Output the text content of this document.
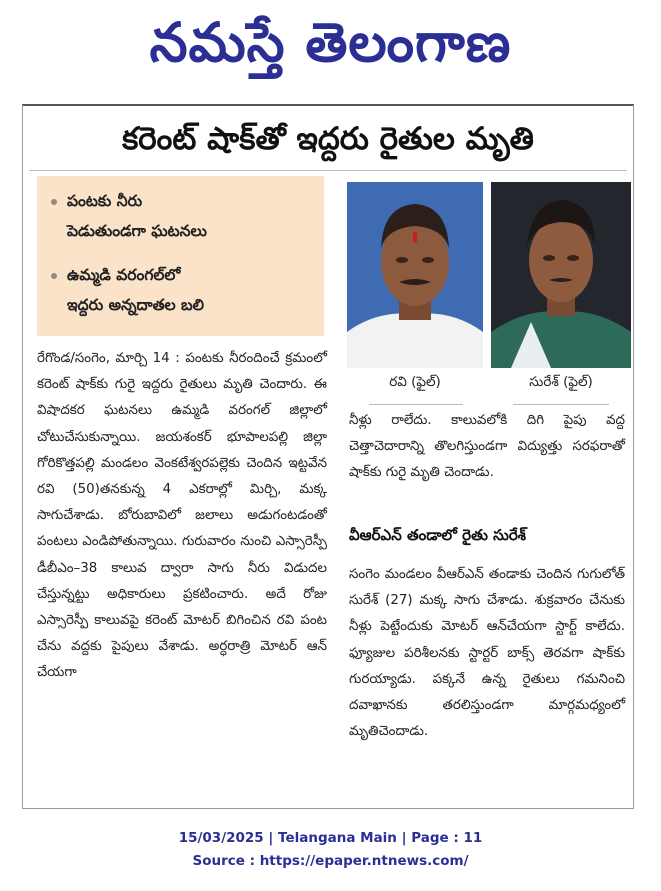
నమస్తే తెలంగాణ
కరెంట్ షాక్‌తో ఇద్దరు రైతుల మృతి
పంటకు నీరు
పెడుతుండగా ఘటనలు
ఉమ్మడి వరంగల్‌లో
ఇద్దరు అన్నదాతల బలి
రేగొండ/సంగెం, మార్చి 14 : పంటకు నీరందించే క్రమంలో కరెంట్ షాక్‌కు గురై ఇద్దరు రైతులు మృతి చెందారు. ఈ విషాదకర ఘటనలు ఉమ్మడి వరంగల్ జిల్లాలో చోటుచేసుకున్నాయి. జయశంకర్ భూపాలపల్లి జిల్లా గోరికొత్తపల్లి మండలం వెంకటేశ్వరపల్లెకు చెందిన ఇట్టవేన రవి (50)తనకున్న 4 ఎకరాల్లో మిర్చి, మక్క సాగుచేశాడు. బోరుబావిలో జలాలు అడుగంటడంతో పంటలు ఎండిపోతున్నాయి. గురువారం నుంచి ఎస్సారెస్పీ డీబీఎం–38 కాలువ ద్వారా సాగు నీరు విడుదల చేస్తున్నట్టు అధికారులు ప్రకటించారు. అదే రోజు ఎస్సారెస్పీ కాలువపై కరెంట్ మోటర్ బిగించిన రవి పంట చేను వద్దకు పైపులు వేశాడు. అర్ధరాత్రి మోటర్ ఆన్ చేయగా
రవి (ఫైల్)	సురేశ్ (ఫైల్)
నీళ్లు రాలేదు. కాలువలోకి దిగి పైపు వద్ద చెత్తాచెదారాన్ని తొలగిస్తుండగా విద్యుత్తు సరఫరాతో షాక్‌కు గురై మృతి చెందాడు.
వీఆర్‌ఎన్ తండాలో రైతు సురేశ్
సంగెం మండలం వీఆర్‌ఎన్ తండాకు చెందిన గుగులోత్ సురేశ్ (27) మక్క సాగు చేశాడు. శుక్రవారం చేనుకు నీళ్లు పెట్టేందుకు మోటర్ ఆన్‌చేయగా స్టార్ట్ కాలేదు. ఫ్యూజుల పరిశీలనకు స్టార్టర్ బాక్స్ తెరవగా షాక్‌కు గురయ్యాడు. పక్కనే ఉన్న రైతులు గమనించి దవాఖానకు తరలిస్తుండగా మార్గమధ్యంలో మృతిచెందాడు.
15/03/2025 | Telangana Main | Page : 11
Source : https://epaper.ntnews.com/
